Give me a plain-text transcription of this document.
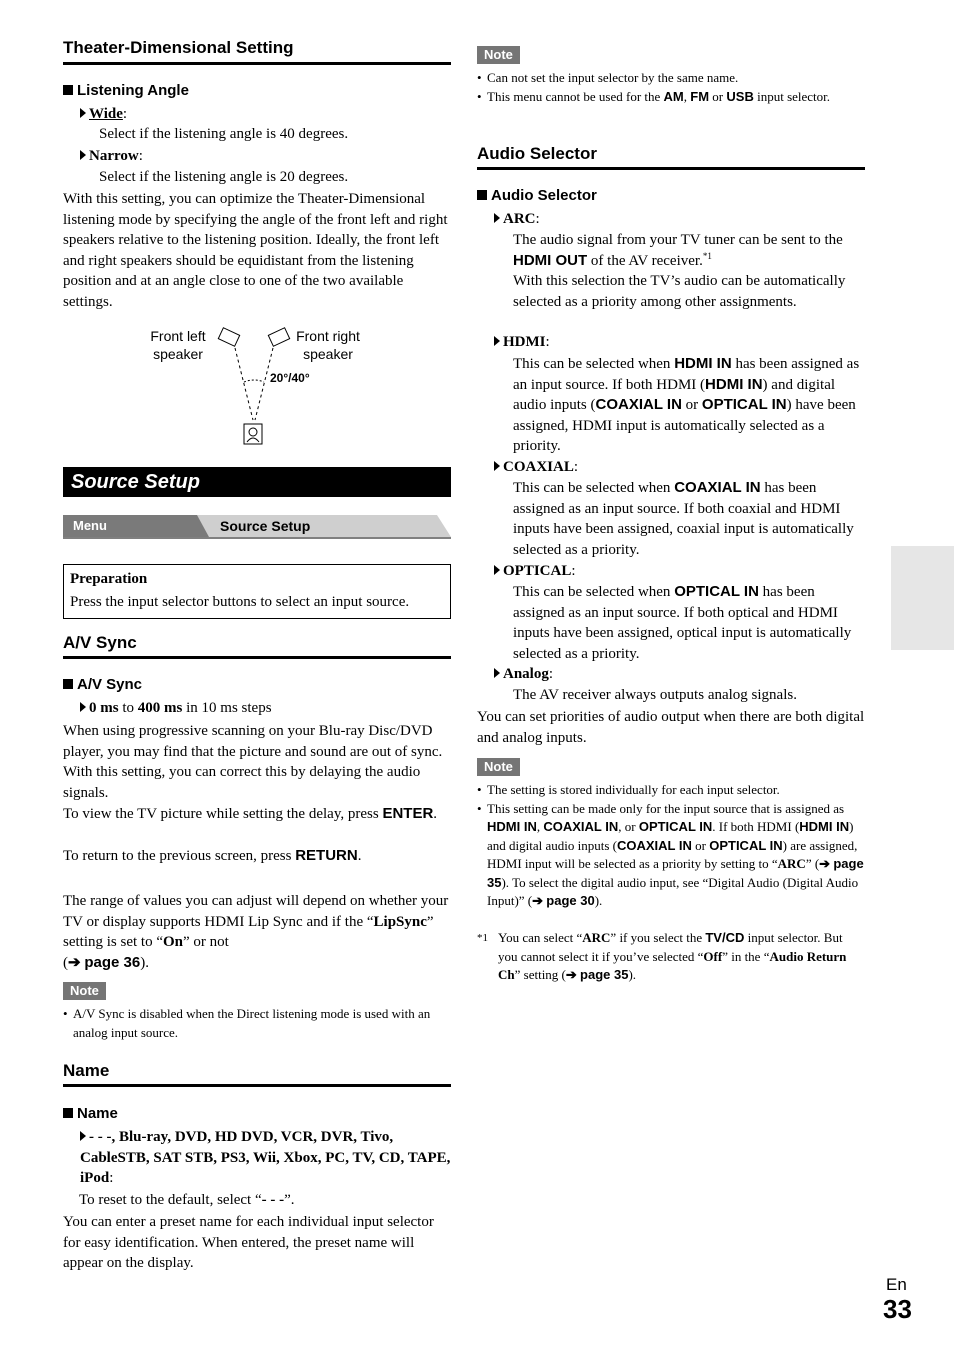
Theater-Dimensional Setting
Listening Angle
Wide:
Select if the listening angle is 40 degrees.
Narrow:
Select if the listening angle is 20 degrees.
With this setting, you can optimize the Theater-Dimensional listening mode by specifying the angle of the front left and right speakers relative to the listening position. Ideally, the front left and right speakers should be equidistant from the listening position and at an angle close to one of the two available settings.
Front left
speaker
Front right
speaker
20°/40°
Source Setup
Menu	Source Setup
Preparation
Press the input selector buttons to select an input source.
A/V Sync
A/V Sync
0 ms to 400 ms in 10 ms steps
When using progressive scanning on your Blu-ray Disc/DVD player, you may find that the picture and sound are out of sync. With this setting, you can correct this by delaying the audio signals.
To view the TV picture while setting the delay, press ENTER.
To return to the previous screen, press RETURN.
The range of values you can adjust will depend on whether your TV or display supports HDMI Lip Sync and if the “LipSync” setting is set to “On” or not
(➔ page 36).
Note
• A/V Sync is disabled when the Direct listening mode is used with an analog input source.
Name
Name
- - -, Blu-ray, DVD, HD DVD, VCR, DVR, Tivo, CableSTB, SAT STB, PS3, Wii, Xbox, PC, TV, CD, TAPE, iPod:
To reset to the default, select “- - -”.
You can enter a preset name for each individual input selector for easy identification. When entered, the preset name will appear on the display.
Note
• Can not set the input selector by the same name.
• This menu cannot be used for the AM, FM or USB input selector.
Audio Selector
Audio Selector
ARC:
The audio signal from your TV tuner can be sent to the HDMI OUT of the AV receiver.$^{*1}$
With this selection the TV’s audio can be automatically selected as a priority among other assignments.
HDMI:
This can be selected when HDMI IN has been assigned as an input source. If both HDMI (HDMI IN) and digital audio inputs (COAXIAL IN or OPTICAL IN) have been assigned, HDMI input is automatically selected as a priority.
COAXIAL:
This can be selected when COAXIAL IN has been assigned as an input source. If both coaxial and HDMI inputs have been assigned, coaxial input is automatically selected as a priority.
OPTICAL:
This can be selected when OPTICAL IN has been assigned as an input source. If both optical and HDMI inputs have been assigned, optical input is automatically selected as a priority.
Analog:
The AV receiver always outputs analog signals.
You can set priorities of audio output when there are both digital and analog inputs.
Note
• The setting is stored individually for each input selector.
• This setting can be made only for the input source that is assigned as HDMI IN, COAXIAL IN, or OPTICAL IN. If both HDMI (HDMI IN) and digital audio inputs (COAXIAL IN or OPTICAL IN) are assigned, HDMI input will be selected as a priority by setting to “ARC” (➔ page 35). To select the digital audio input, see “Digital Audio (Digital Audio Input)” (➔ page 30).
*1 You can select “ARC” if you select the TV/CD input selector. But you cannot select it if you’ve selected “Off” in the “Audio Return Ch” setting (➔ page 35).
En
33
